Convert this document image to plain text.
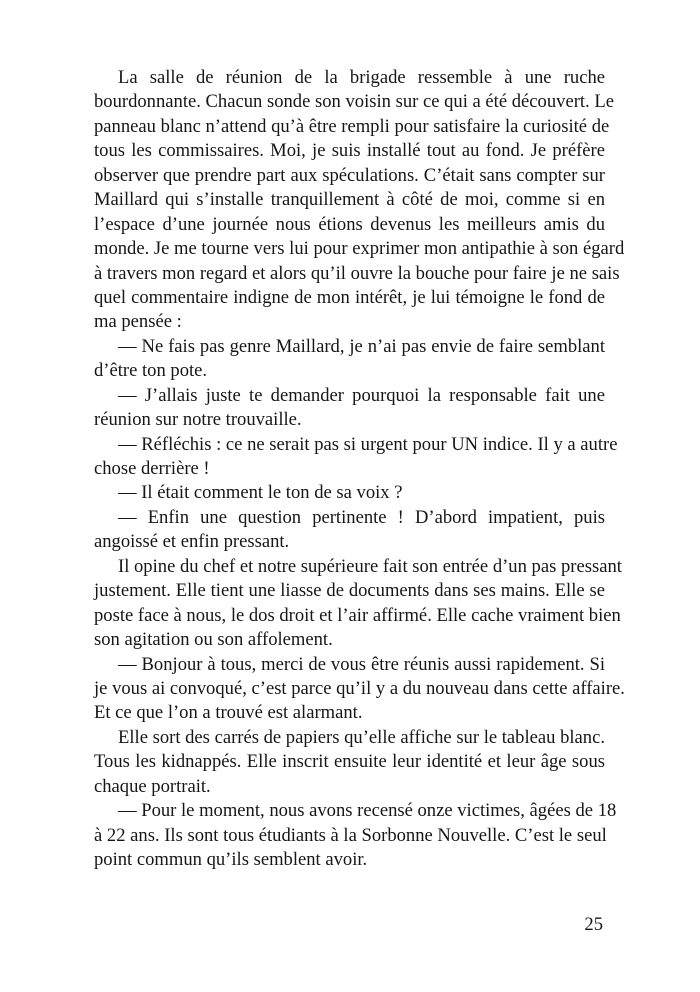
La salle de réunion de la brigade ressemble à une ruche
bourdonnante. Chacun sonde son voisin sur ce qui a été découvert. Le
panneau blanc n’attend qu’à être rempli pour satisfaire la curiosité de
tous les commissaires. Moi, je suis installé tout au fond. Je préfère
observer que prendre part aux spéculations. C’était sans compter sur
Maillard qui s’installe tranquillement à côté de moi, comme si en
l’espace d’une journée nous étions devenus les meilleurs amis du
monde. Je me tourne vers lui pour exprimer mon antipathie à son égard
à travers mon regard et alors qu’il ouvre la bouche pour faire je ne sais
quel commentaire indigne de mon intérêt, je lui témoigne le fond de
ma pensée :
— Ne fais pas genre Maillard, je n’ai pas envie de faire semblant
d’être ton pote.
— J’allais juste te demander pourquoi la responsable fait une
réunion sur notre trouvaille.
— Réfléchis : ce ne serait pas si urgent pour UN indice. Il y a autre
chose derrière !
— Il était comment le ton de sa voix ?
— Enfin une question pertinente ! D’abord impatient, puis
angoissé et enfin pressant.
Il opine du chef et notre supérieure fait son entrée d’un pas pressant
justement. Elle tient une liasse de documents dans ses mains. Elle se
poste face à nous, le dos droit et l’air affirmé. Elle cache vraiment bien
son agitation ou son affolement.
— Bonjour à tous, merci de vous être réunis aussi rapidement. Si
je vous ai convoqué, c’est parce qu’il y a du nouveau dans cette affaire.
Et ce que l’on a trouvé est alarmant.
Elle sort des carrés de papiers qu’elle affiche sur le tableau blanc.
Tous les kidnappés. Elle inscrit ensuite leur identité et leur âge sous
chaque portrait.
— Pour le moment, nous avons recensé onze victimes, âgées de 18
à 22 ans. Ils sont tous étudiants à la Sorbonne Nouvelle. C’est le seul
point commun qu’ils semblent avoir.
25
